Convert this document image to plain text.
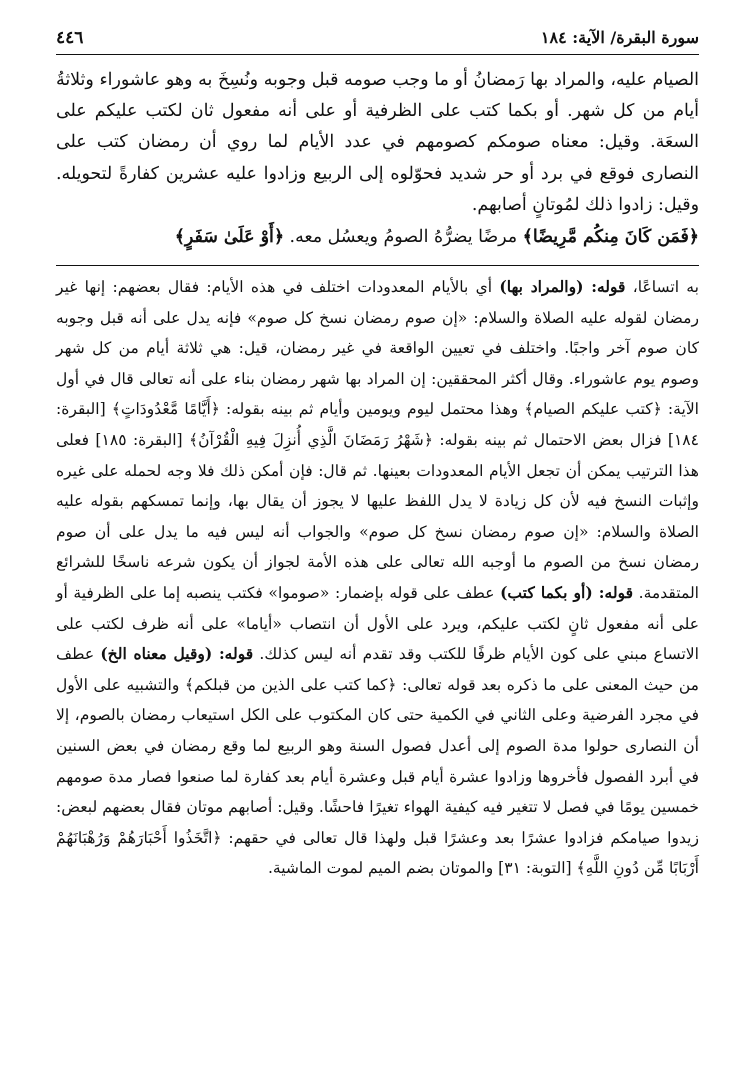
سورة البقرة/ الآية: ١٨٤
٤٤٦

الصيام عليه، والمراد بها رَمضانُ أو ما وجب صومه قبل وجوبه ونُسِخَ به وهو عاشوراء وثلاثةُ أيام من كل شهر. أو بكما كتب على الظرفية أو على أنه مفعول ثان لكتب عليكم على السعَة. وقيل: معناه صومكم كصومهم في عدد الأيام لما روي أن رمضان كتب على النصارى فوقع في برد أو حر شديد فحوّلوه إلى الربيع وزادوا عليه عشرين كفارةً لتحويله. وقيل: زادوا ذلك لمُوتانٍ أصابهم.

﴿فَمَن كَانَ مِنكُم مَّرِيضًا﴾ مرضًا يضرُّهُ الصومُ ويعسُل معه. ﴿أَوْ عَلَىٰ سَفَرٍ﴾

به اتساعًا، قوله: (والمراد بها) أي بالأيام المعدودات اختلف في هذه الأيام: فقال بعضهم: إنها غير رمضان لقوله عليه الصلاة والسلام: «إن صوم رمضان نسخ كل صوم» فإنه يدل على أنه قبل وجوبه كان صوم آخر واجبًا. واختلف في تعيين الواقعة في غير رمضان، قيل: هي ثلاثة أيام من كل شهر وصوم يوم عاشوراء. وقال أكثر المحققين: إن المراد بها شهر رمضان بناء على أنه تعالى قال في أول الآية: ﴿كتب عليكم الصيام﴾ وهذا محتمل ليوم ويومين وأيام ثم بينه بقوله: ﴿أَيَّامًا مَّعْدُودَاتٍ﴾ [البقرة: ١٨٤] فزال بعض الاحتمال ثم بينه بقوله: ﴿شَهْرُ رَمَضَانَ الَّذِي أُنزِلَ فِيهِ الْقُرْآنُ﴾ [البقرة: ١٨٥] فعلى هذا الترتيب يمكن أن تجعل الأيام المعدودات بعينها. ثم قال: فإن أمكن ذلك فلا وجه لحمله على غيره وإثبات النسخ فيه لأن كل زيادة لا يدل اللفظ عليها لا يجوز أن يقال بها، وإنما تمسكهم بقوله عليه الصلاة والسلام: «إن صوم رمضان نسخ كل صوم» والجواب أنه ليس فيه ما يدل على أن صوم رمضان نسخ من الصوم ما أوجبه الله تعالى على هذه الأمة لجواز أن يكون شرعه ناسخًا للشرائع المتقدمة. قوله: (أو بكما كتب) عطف على قوله بإضمار: «صوموا» فكتب ينصبه إما على الظرفية أو على أنه مفعول ثانٍ لكتب عليكم، ويرد على الأول أن انتصاب «أياما» على أنه ظرف لكتب على الاتساع مبني على كون الأيام ظرفًا للكتب وقد تقدم أنه ليس كذلك. قوله: (وقيل معناه الخ) عطف من حيث المعنى على ما ذكره بعد قوله تعالى: ﴿كما كتب على الذين من قبلكم﴾ والتشبيه على الأول في مجرد الفرضية وعلى الثاني في الكمية حتى كان المكتوب على الكل استيعاب رمضان بالصوم، إلا أن النصارى حولوا مدة الصوم إلى أعدل فصول السنة وهو الربيع لما وقع رمضان في بعض السنين في أبرد الفصول فأخروها وزادوا عشرة أيام قبل وعشرة أيام بعد كفارة لما صنعوا فصار مدة صومهم خمسين يومًا في فصل لا تتغير فيه كيفية الهواء تغيرًا فاحشًا. وقيل: أصابهم موتان فقال بعضهم لبعض: زيدوا صيامكم فزادوا عشرًا بعد وعشرًا قبل ولهذا قال تعالى في حقهم: ﴿اتَّخَذُوا أَحْبَارَهُمْ وَرُهْبَانَهُمْ أَرْبَابًا مِّن دُونِ اللَّهِ﴾ [التوبة: ٣١] والموتان بضم الميم لموت الماشية.
